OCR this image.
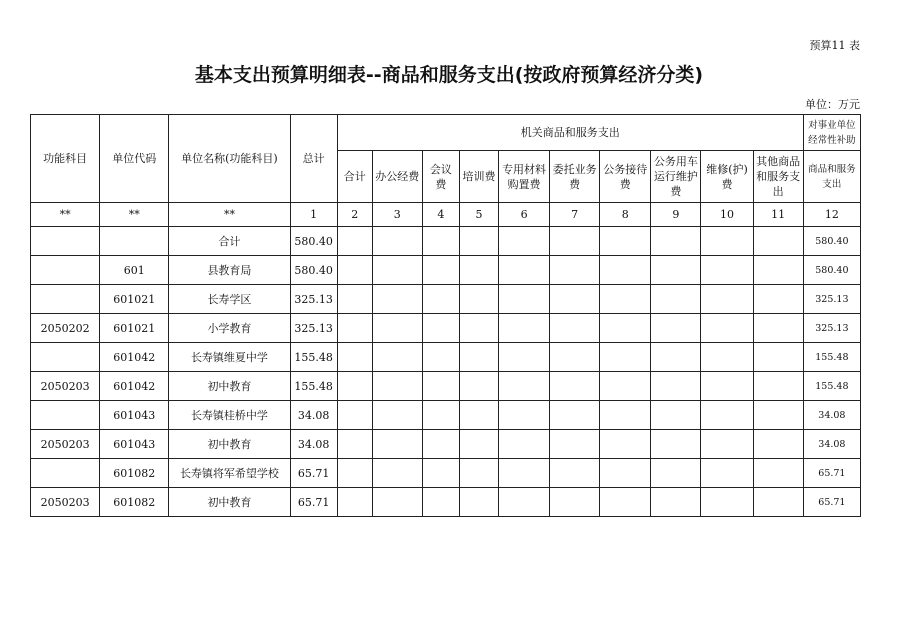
预算11 表
基本支出预算明细表--商品和服务支出(按政府预算经济分类)
单位：万元
功能科目	单位代码	单位名称(功能科目)	总计	机关商品和服务支出										对事业单位经常性补助
				合计	办公经费	会议费	培训费	专用材料购置费	委托业务费	公务接待费	公务用车运行维护费	维修(护)费	其他商品和服务支出	商品和服务支出
**	**	**	1	2	3	4	5	6	7	8	9	10	11	12
		合计	580.40											580.40
	601	县教育局	580.40											580.40
	601021	长寿学区	325.13											325.13
2050202	601021	小学教育	325.13											325.13
	601042	长寿镇维夏中学	155.48											155.48
2050203	601042	初中教育	155.48											155.48
	601043	长寿镇桂桥中学	34.08											34.08
2050203	601043	初中教育	34.08											34.08
	601082	长寿镇将军希望学校	65.71											65.71
2050203	601082	初中教育	65.71											65.71
